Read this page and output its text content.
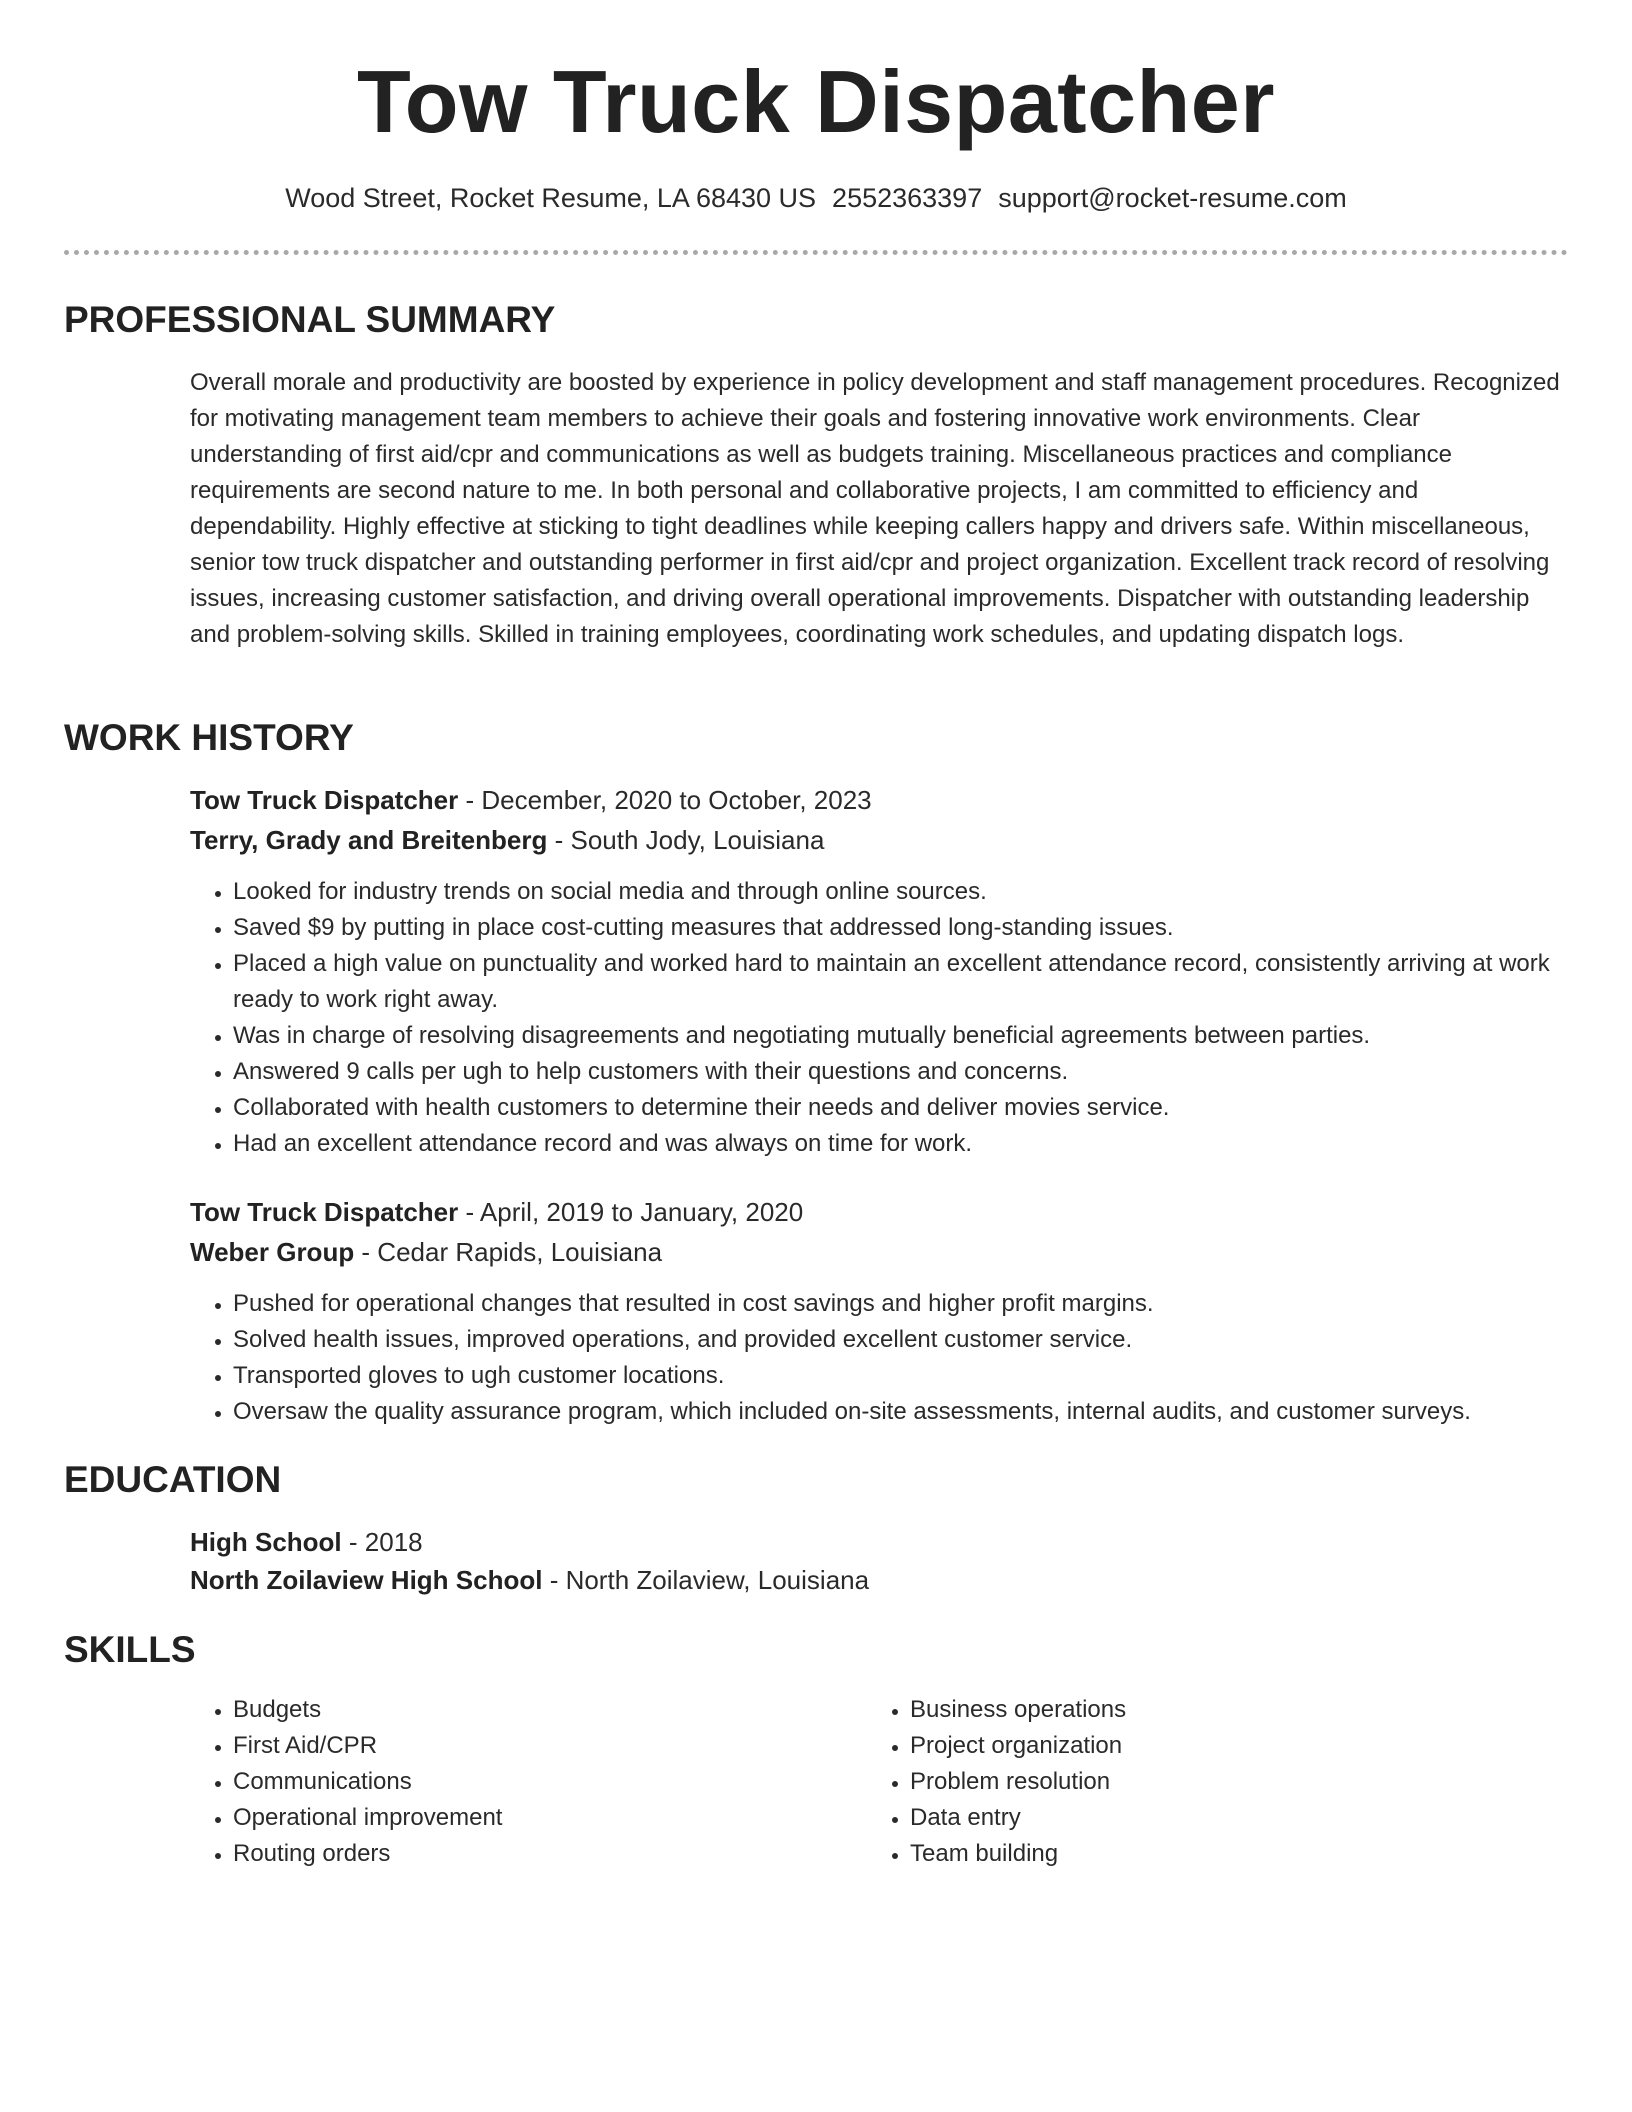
Tow Truck Dispatcher
Wood Street, Rocket Resume, LA 68430 US 2552363397 support@rocket-resume.com
PROFESSIONAL SUMMARY
Overall morale and productivity are boosted by experience in policy development and staff management procedures. Recognized for motivating management team members to achieve their goals and fostering innovative work environments. Clear understanding of first aid/cpr and communications as well as budgets training. Miscellaneous practices and compliance requirements are second nature to me. In both personal and collaborative projects, I am committed to efficiency and dependability. Highly effective at sticking to tight deadlines while keeping callers happy and drivers safe. Within miscellaneous, senior tow truck dispatcher and outstanding performer in first aid/cpr and project organization. Excellent track record of resolving issues, increasing customer satisfaction, and driving overall operational improvements. Dispatcher with outstanding leadership and problem-solving skills. Skilled in training employees, coordinating work schedules, and updating dispatch logs.
WORK HISTORY
Tow Truck Dispatcher - December, 2020 to October, 2023
Terry, Grady and Breitenberg - South Jody, Louisiana
• Looked for industry trends on social media and through online sources.
• Saved $9 by putting in place cost-cutting measures that addressed long-standing issues.
• Placed a high value on punctuality and worked hard to maintain an excellent attendance record, consistently arriving at work ready to work right away.
• Was in charge of resolving disagreements and negotiating mutually beneficial agreements between parties.
• Answered 9 calls per ugh to help customers with their questions and concerns.
• Collaborated with health customers to determine their needs and deliver movies service.
• Had an excellent attendance record and was always on time for work.
Tow Truck Dispatcher - April, 2019 to January, 2020
Weber Group - Cedar Rapids, Louisiana
• Pushed for operational changes that resulted in cost savings and higher profit margins.
• Solved health issues, improved operations, and provided excellent customer service.
• Transported gloves to ugh customer locations.
• Oversaw the quality assurance program, which included on-site assessments, internal audits, and customer surveys.
EDUCATION
High School - 2018
North Zoilaview High School - North Zoilaview, Louisiana
SKILLS
• Budgets
• First Aid/CPR
• Communications
• Operational improvement
• Routing orders
• Business operations
• Project organization
• Problem resolution
• Data entry
• Team building
